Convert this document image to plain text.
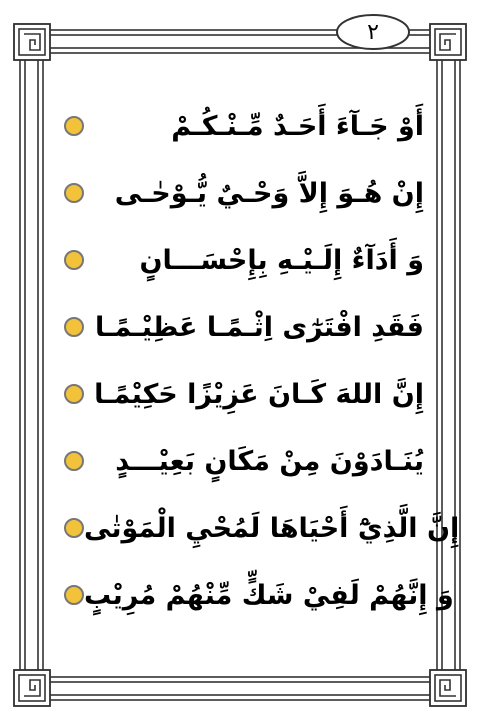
٢
أَوْ جَـآءَ أَحَـدٌ مِّـنْـكُـمْ
إِنْ هُـوَ إِلاَّ وَحْـيٌ يُّـوْحٰـى
وَ أَدَآءٌ إِلَـيْـهِ بِإِحْسَـــانٍ
فَقَدِ افْتَرٰٓى اِثْـمًـا عَظِيْـمًـا
إِنَّ اللهَ كَـانَ عَزِيْزًا حَكِيْمًـا
يُنَـادَوْنَ مِنْ مَكَانٍ بَعِيْـــدٍ
إِنَّ الَّذِيْٓ أَحْيَاهَا لَمُحْيِ الْمَوْتٰى
وَ إِنَّهُمْ لَفِيْ شَكٍّ مِّنْهُمْ مُرِيْبٍ
